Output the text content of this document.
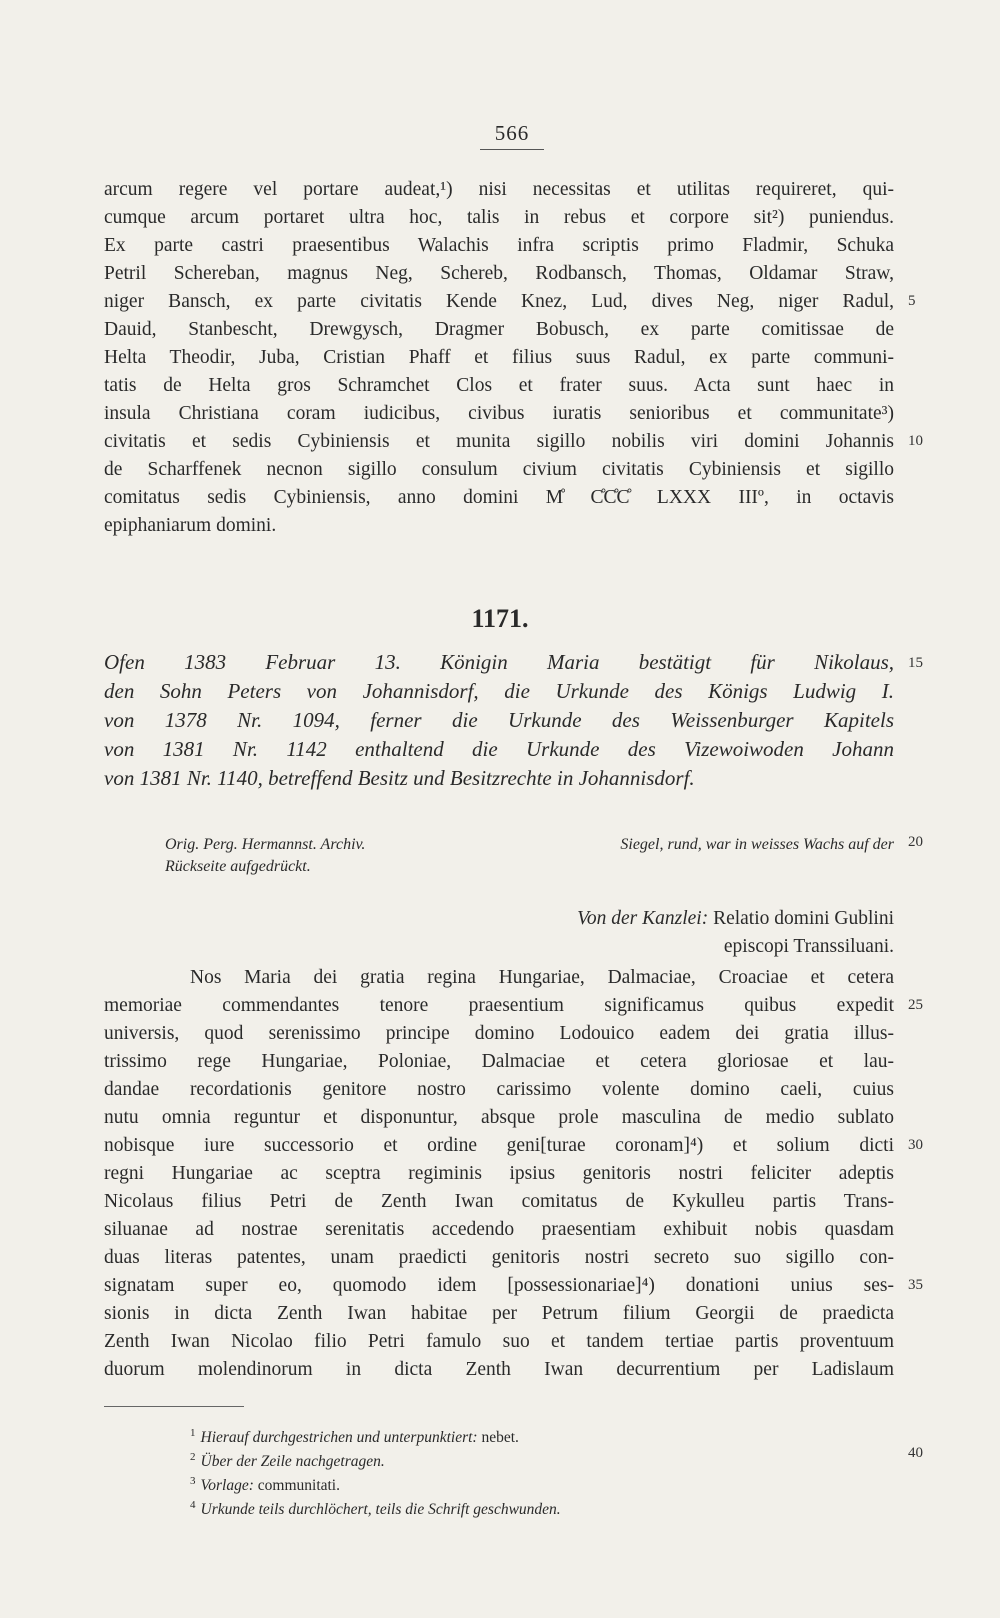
566
arcum regere vel portare audeat,¹) nisi necessitas et utilitas requireret, qui-
cumque arcum portaret ultra hoc, talis in rebus et corpore sit²) puniendus.
Ex parte castri praesentibus Walachis infra scriptis primo Fladmir, Schuka
Petril Schereban, magnus Neg, Schereb, Rodbansch, Thomas, Oldamar Straw,
niger Bansch, ex parte civitatis Kende Knez, Lud, dives Neg, niger Radul,
Dauid, Stanbescht, Drewgysch, Dragmer Bobusch, ex parte comitissae de
Helta Theodir, Juba, Cristian Phaff et filius suus Radul, ex parte communi-
tatis de Helta gros Schramchet Clos et frater suus. Acta sunt haec in
insula Christiana coram iudicibus, civibus iuratis senioribus et communitate³)
civitatis et sedis Cybiniensis et munita sigillo nobilis viri domini Johannis
de Scharffenek necnon sigillo consulum civium civitatis Cybiniensis et sigillo
comitatus sedis Cybiniensis, anno domini M̊ C̊C̊C̊ LXXX IIIº, in octavis
epiphaniarum domini.
1171.
Ofen 1383 Februar 13. Königin Maria bestätigt für Nikolaus,
den Sohn Peters von Johannisdorf, die Urkunde des Königs Ludwig I.
von 1378 Nr. 1094, ferner die Urkunde des Weissenburger Kapitels
von 1381 Nr. 1142 enthaltend die Urkunde des Vizewoiwoden Johann
von 1381 Nr. 1140, betreffend Besitz und Besitzrechte in Johannisdorf.
Orig. Perg. Hermannst. Archiv.	Siegel, rund, war in weisses Wachs auf der
Rückseite aufgedrückt.
Von der Kanzlei: Relatio domini Gublini
episcopi Transsiluani.
Nos Maria dei gratia regina Hungariae, Dalmaciae, Croaciae et cetera
memoriae commendantes tenore praesentium significamus quibus expedit
universis, quod serenissimo principe domino Lodouico eadem dei gratia illus-
trissimo rege Hungariae, Poloniae, Dalmaciae et cetera gloriosae et lau-
dandae recordationis genitore nostro carissimo volente domino caeli, cuius
nutu omnia reguntur et disponuntur, absque prole masculina de medio sublato
nobisque iure successorio et ordine geni[turae coronam]⁴) et solium dicti
regni Hungariae ac sceptra regiminis ipsius genitoris nostri feliciter adeptis
Nicolaus filius Petri de Zenth Iwan comitatus de Kykulleu partis Trans-
siluanae ad nostrae serenitatis accedendo praesentiam exhibuit nobis quasdam
duas literas patentes, unam praedicti genitoris nostri secreto suo sigillo con-
signatam super eo, quomodo idem [possessionariae]⁴) donationi unius ses-
sionis in dicta Zenth Iwan habitae per Petrum filium Georgii de praedicta
Zenth Iwan Nicolao filio Petri famulo suo et tandem tertiae partis proventuum
duorum molendinorum in dicta Zenth Iwan decurrentium per Ladislaum
$^1$ Hierauf durchgestrichen und unterpunktiert: nebet.
$^2$ Über der Zeile nachgetragen.
$^3$ Vorlage: communitati.
$^4$ Urkunde teils durchlöchert, teils die Schrift geschwunden.
5
10
15
20
25
30
35
40
